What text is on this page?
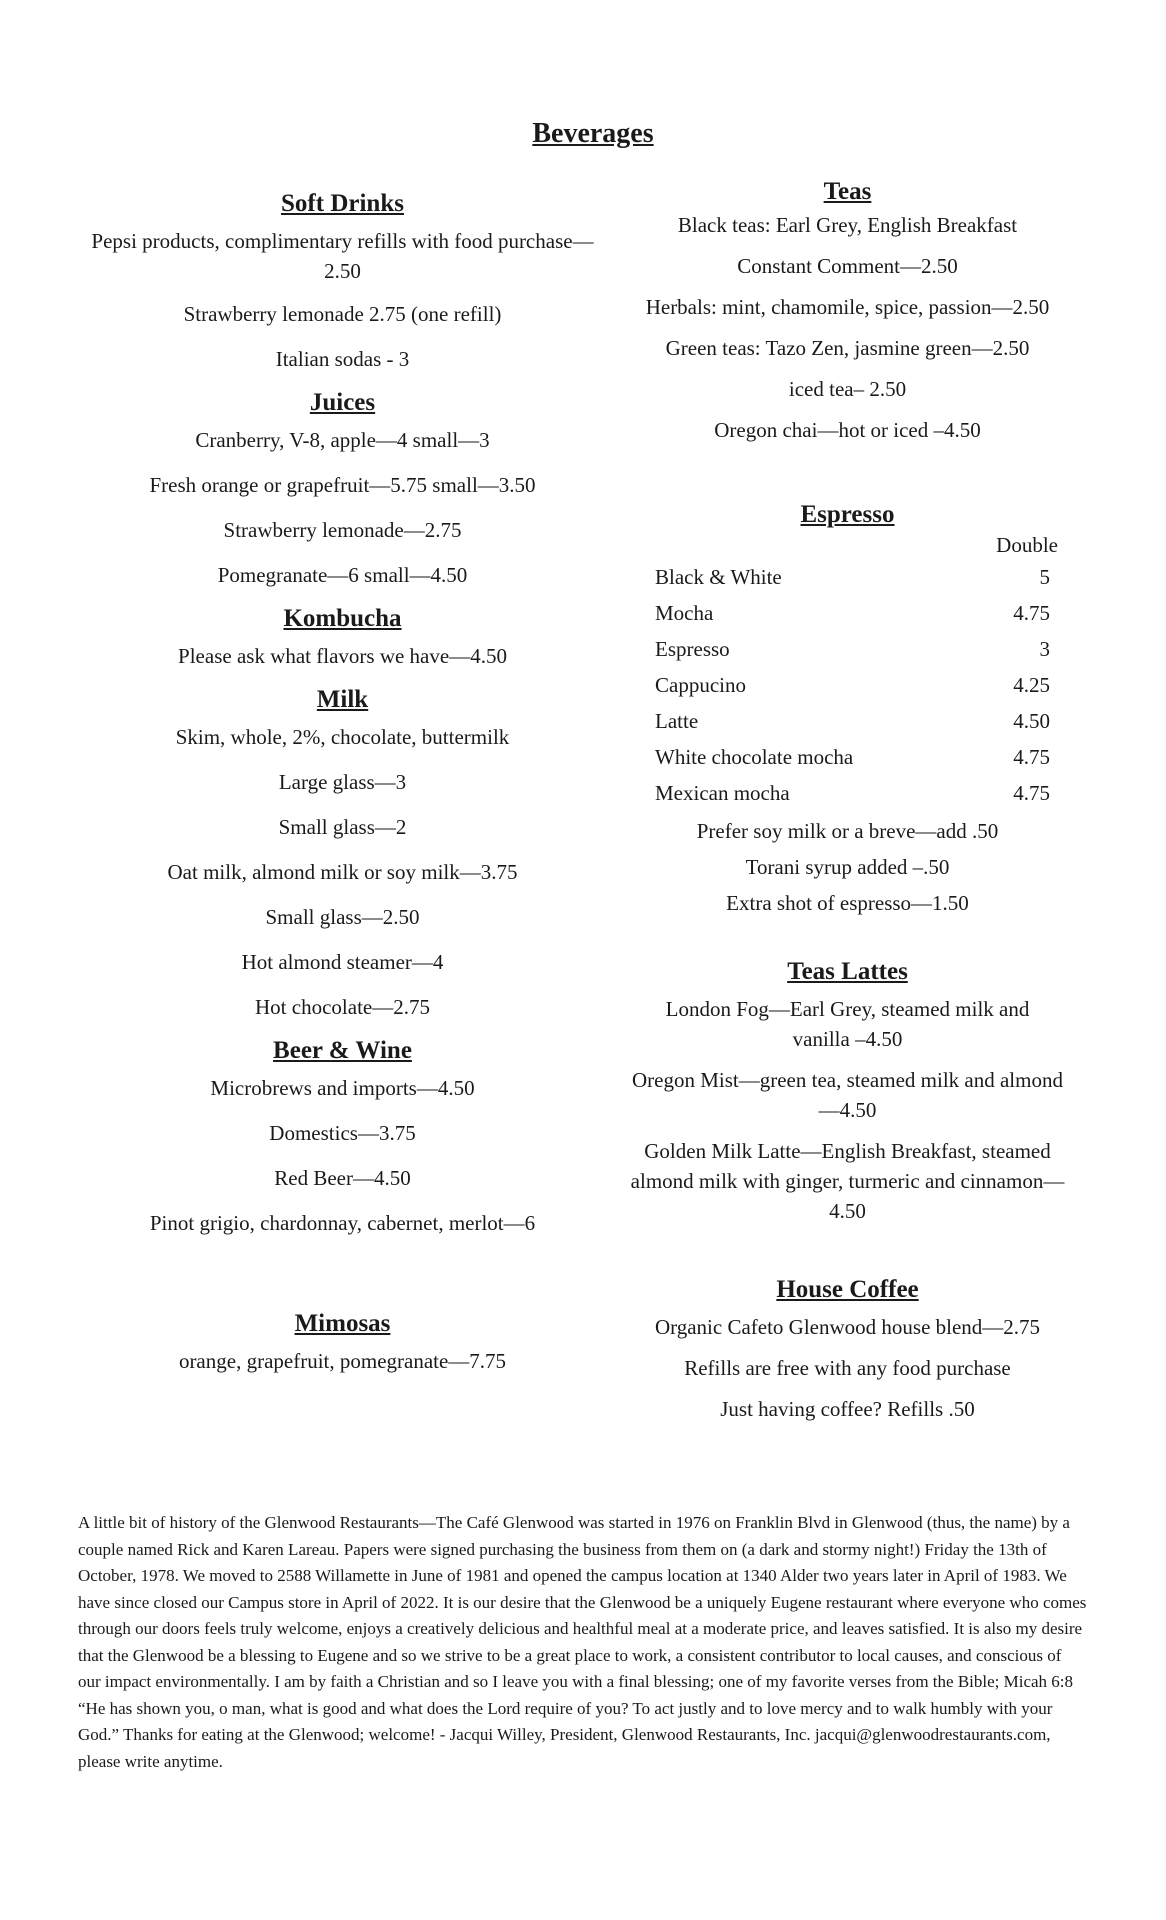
Beverages
Soft Drinks
Pepsi products, complimentary refills with food purchase—2.50
Strawberry lemonade 2.75 (one refill)
Italian sodas - 3
Juices
Cranberry, V-8, apple—4 small—3
Fresh orange or grapefruit—5.75 small—3.50
Strawberry lemonade—2.75
Pomegranate—6 small—4.50
Kombucha
Please ask what flavors we have—4.50
Milk
Skim, whole, 2%, chocolate, buttermilk
Large glass—3
Small glass—2
Oat milk, almond milk or soy milk—3.75
Small glass—2.50
Hot almond steamer—4
Hot chocolate—2.75
Beer & Wine
Microbrews and imports—4.50
Domestics—3.75
Red Beer—4.50
Pinot grigio, chardonnay, cabernet, merlot—6
Mimosas
orange, grapefruit, pomegranate—7.75
Teas
Black teas: Earl Grey, English Breakfast
Constant Comment—2.50
Herbals: mint, chamomile, spice, passion—2.50
Green teas: Tazo Zen, jasmine green—2.50
iced tea– 2.50
Oregon chai—hot or iced –4.50
Espresso
Double
Black & White	5
Mocha	4.75
Espresso	3
Cappucino	4.25
Latte	4.50
White chocolate mocha	4.75
Mexican mocha	4.75
Prefer soy milk or a breve—add .50
Torani syrup added –.50
Extra shot of espresso—1.50
Teas Lattes
London Fog—Earl Grey, steamed milk and vanilla –4.50
Oregon Mist—green tea, steamed milk and almond—4.50
Golden Milk Latte—English Breakfast, steamed almond milk with ginger, turmeric and cinnamon—4.50
House Coffee
Organic Cafeto Glenwood house blend—2.75
Refills are free with any food purchase
Just having coffee? Refills .50
A little bit of history of the Glenwood Restaurants—The Café Glenwood was started in 1976 on Franklin Blvd in Glenwood (thus, the name) by a couple named Rick and Karen Lareau. Papers were signed purchasing the business from them on (a dark and stormy night!) Friday the 13th of October, 1978. We moved to 2588 Willamette in June of 1981 and opened the campus location at 1340 Alder two years later in April of 1983. We have since closed our Campus store in April of 2022. It is our desire that the Glenwood be a uniquely Eugene restaurant where everyone who comes through our doors feels truly welcome, enjoys a creatively delicious and healthful meal at a moderate price, and leaves satisfied. It is also my desire that the Glenwood be a blessing to Eugene and so we strive to be a great place to work, a consistent contributor to local causes, and conscious of our impact environmentally. I am by faith a Christian and so I leave you with a final blessing; one of my favorite verses from the Bible; Micah 6:8 “He has shown you, o man, what is good and what does the Lord require of you? To act justly and to love mercy and to walk humbly with your God.” Thanks for eating at the Glenwood; welcome! - Jacqui Willey, President, Glenwood Restaurants, Inc. jacqui@glenwoodrestaurants.com, please write anytime.
